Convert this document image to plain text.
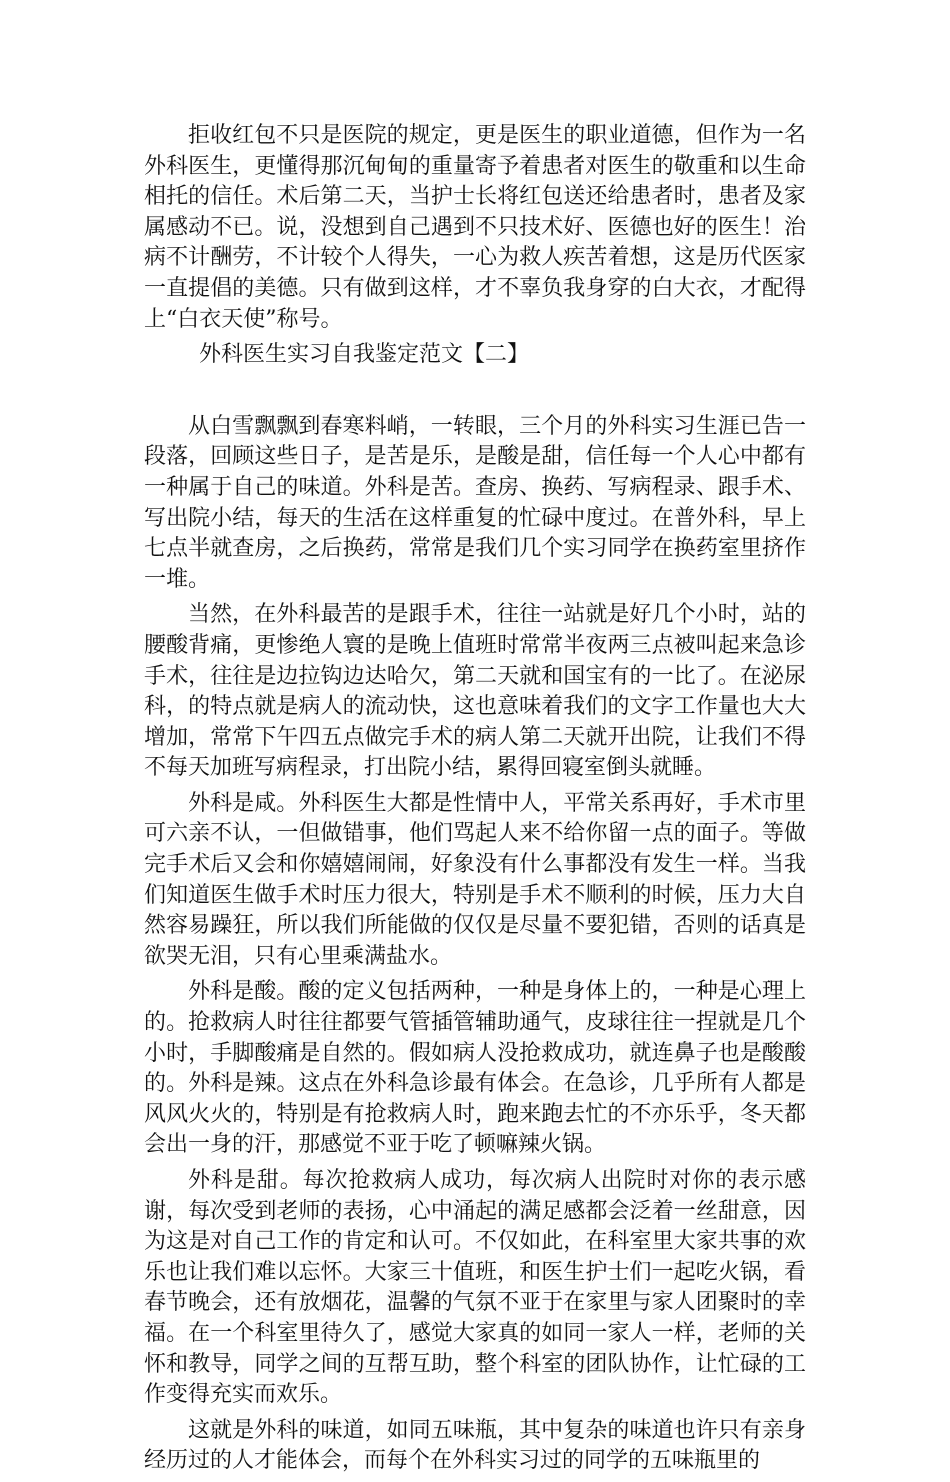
拒收红包不只是医院的规定，更是医生的职业道德，但作为一名外科医生，更懂得那沉甸甸的重量寄予着患者对医生的敬重和以生命相托的信任。术后第二天，当护士长将红包送还给患者时，患者及家属感动不已。说，没想到自己遇到不只技术好、医德也好的医生！治病不计酬劳，不计较个人得失，一心为救人疾苦着想，这是历代医家一直提倡的美德。只有做到这样，才不辜负我身穿的白大衣，才配得上“白衣天使”称号。

外科医生实习自我鉴定范文【二】

从白雪飘飘到春寒料峭，一转眼，三个月的外科实习生涯已告一段落，回顾这些日子，是苦是乐，是酸是甜，信任每一个人心中都有一种属于自己的味道。外科是苦。查房、换药、写病程录、跟手术、写出院小结，每天的生活在这样重复的忙碌中度过。在普外科，早上七点半就查房，之后换药，常常是我们几个实习同学在换药室里挤作一堆。

当然，在外科最苦的是跟手术，往往一站就是好几个小时，站的腰酸背痛，更惨绝人寰的是晚上值班时常常半夜两三点被叫起来急诊手术，往往是边拉钩边达哈欠，第二天就和国宝有的一比了。在泌尿科，的特点就是病人的流动快，这也意味着我们的文字工作量也大大增加，常常下午四五点做完手术的病人第二天就开出院，让我们不得不每天加班写病程录，打出院小结，累得回寝室倒头就睡。

外科是咸。外科医生大都是性情中人，平常关系再好，手术市里可六亲不认，一但做错事，他们骂起人来不给你留一点的面子。等做完手术后又会和你嬉嬉闹闹，好象没有什么事都没有发生一样。当我们知道医生做手术时压力很大，特别是手术不顺利的时候，压力大自然容易躁狂，所以我们所能做的仅仅是尽量不要犯错，否则的话真是欲哭无泪，只有心里乘满盐水。

外科是酸。酸的定义包括两种，一种是身体上的，一种是心理上的。抢救病人时往往都要气管插管辅助通气，皮球往往一捏就是几个小时，手脚酸痛是自然的。假如病人没抢救成功，就连鼻子也是酸酸的。外科是辣。这点在外科急诊最有体会。在急诊，几乎所有人都是风风火火的，特别是有抢救病人时，跑来跑去忙的不亦乐乎，冬天都会出一身的汗，那感觉不亚于吃了顿嘛辣火锅。

外科是甜。每次抢救病人成功，每次病人出院时对你的表示感谢，每次受到老师的表扬，心中涌起的满足感都会泛着一丝甜意，因为这是对自己工作的肯定和认可。不仅如此，在科室里大家共事的欢乐也让我们难以忘怀。大家三十值班，和医生护士们一起吃火锅，看春节晚会，还有放烟花，温馨的气氛不亚于在家里与家人团聚时的幸福。在一个科室里待久了，感觉大家真的如同一家人一样，老师的关怀和教导，同学之间的互帮互助，整个科室的团队协作，让忙碌的工作变得充实而欢乐。

这就是外科的味道，如同五味瓶，其中复杂的味道也许只有亲身经历过的人才能体会，而每个在外科实习过的同学的五味瓶里的
